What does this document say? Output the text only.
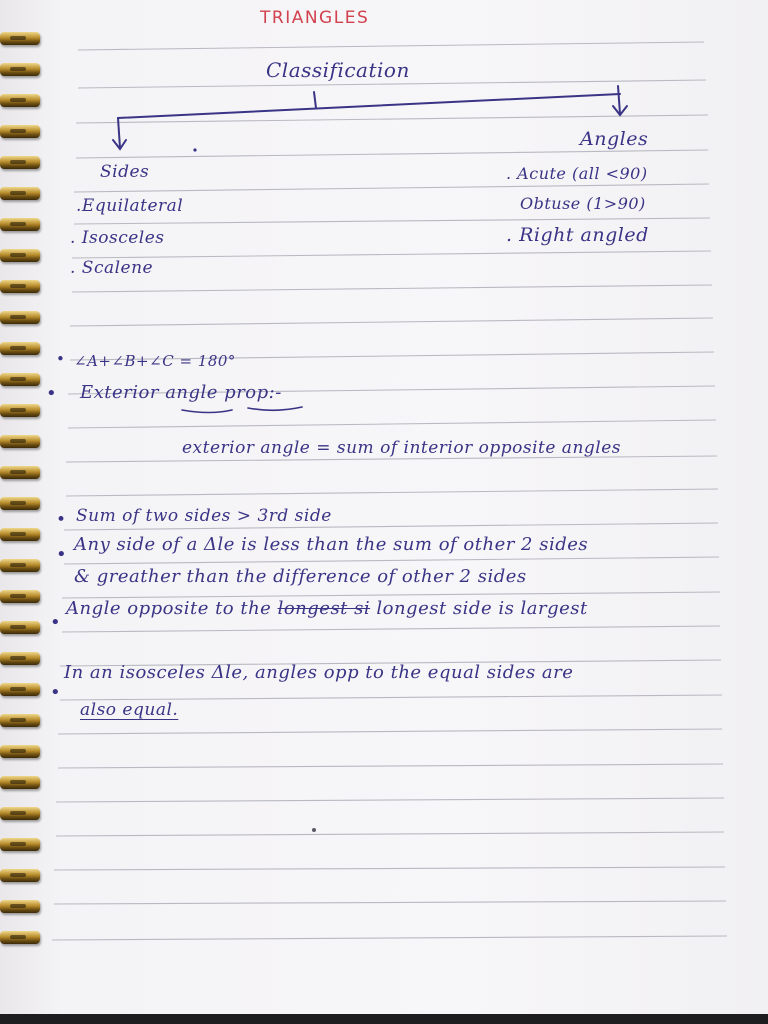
TRIANGLES
Classification
Sides
.Equilateral
. Isosceles
. Scalene
Angles
. Acute (all <90)
Obtuse (1>90)
. Right angled
• ∠A+∠B+∠C = 180°
• Exterior angle prop:-
exterior angle = sum of interior opposite angles
• Sum of two sides > 3rd side
• Any side of a Δle is less than the sum of other 2 sides
& greather than the difference of other 2 sides
•
Angle opposite to the longest si longest side is largest
•
In an isosceles Δle, angles opp to the equal sides are
also equal.
